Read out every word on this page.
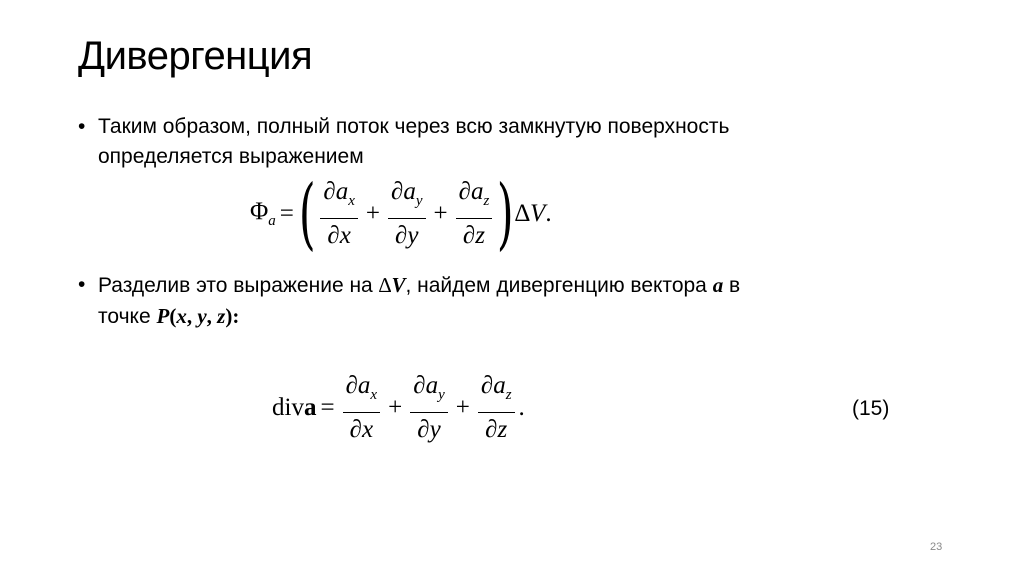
Дивергенция
• Таким образом, полный поток через всю замкнутую поверхность
определяется выражением
$\Phi_a$ = ( $\frac{\partial a_x}{\partial x} + \frac{\partial a_y}{\partial y} + \frac{\partial a_z}{\partial z}$ ) ∆V.
• Разделив это выражение на ∆V, найдем дивергенцию вектора a в
точке P(x, y, z):
diva = $\frac{\partial a_x}{\partial x} + \frac{\partial a_y}{\partial y} + \frac{\partial a_z}{\partial z}$ .	(15)
23
